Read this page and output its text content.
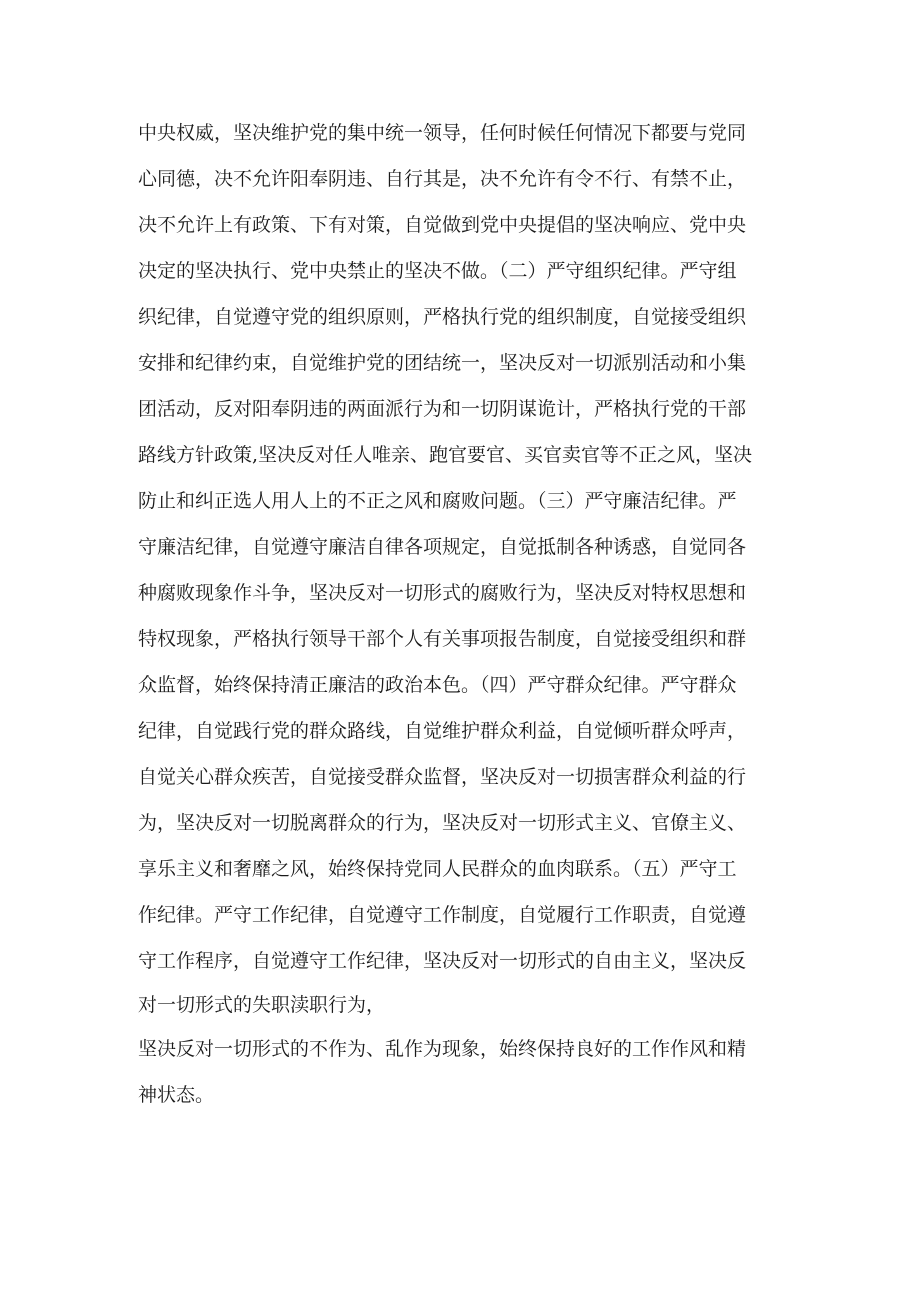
中央权威，坚决维护党的集中统一领导，任何时候任何情况下都要与党同
心同德，决不允许阳奉阴违、自行其是，决不允许有令不行、有禁不止，
决不允许上有政策、下有对策，自觉做到党中央提倡的坚决响应、党中央
决定的坚决执行、党中央禁止的坚决不做。（二）严守组织纪律。严守组
织纪律，自觉遵守党的组织原则，严格执行党的组织制度，自觉接受组织
安排和纪律约束，自觉维护党的团结统一，坚决反对一切派别活动和小集
团活动，反对阳奉阴违的两面派行为和一切阴谋诡计，严格执行党的干部
路线方针政策,坚决反对任人唯亲、跑官要官、买官卖官等不正之风，坚决
防止和纠正选人用人上的不正之风和腐败问题。（三）严守廉洁纪律。严
守廉洁纪律，自觉遵守廉洁自律各项规定，自觉抵制各种诱惑，自觉同各
种腐败现象作斗争，坚决反对一切形式的腐败行为，坚决反对特权思想和
特权现象，严格执行领导干部个人有关事项报告制度，自觉接受组织和群
众监督，始终保持清正廉洁的政治本色。（四）严守群众纪律。严守群众
纪律，自觉践行党的群众路线，自觉维护群众利益，自觉倾听群众呼声，
自觉关心群众疾苦，自觉接受群众监督，坚决反对一切损害群众利益的行
为，坚决反对一切脱离群众的行为，坚决反对一切形式主义、官僚主义、
享乐主义和奢靡之风，始终保持党同人民群众的血肉联系。（五）严守工
作纪律。严守工作纪律，自觉遵守工作制度，自觉履行工作职责，自觉遵
守工作程序，自觉遵守工作纪律，坚决反对一切形式的自由主义，坚决反
对一切形式的失职渎职行为，
坚决反对一切形式的不作为、乱作为现象，始终保持良好的工作作风和精
神状态。
